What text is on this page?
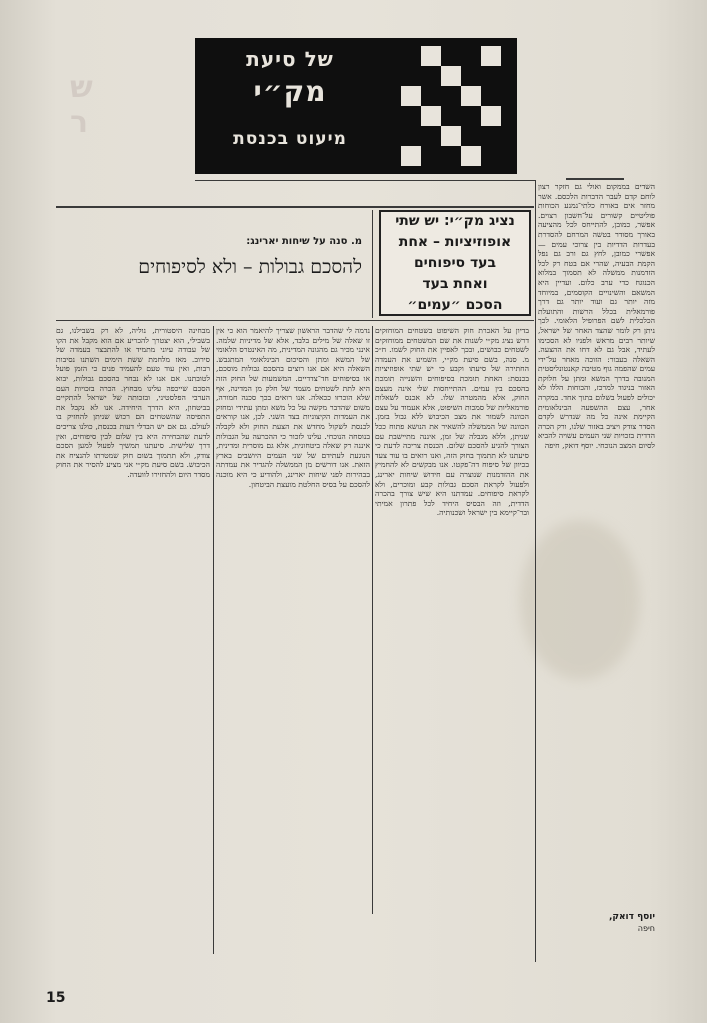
ש
ר
של סיעת
מק״י
מיעוט בכנסת
נציג מק״י: יש שתי
אופוזיציות – אחת
בעד סיפוחים
ואחת בעד
הסכם ״עמים״
מ. סנה על שיחות יארינג:
להסכם גבולות – ולא לסיפוחים
השדים בממקום ואולי גם חזקר רצון לוחם קדם לעבר הדברות הלכסם. אשר מחזר אים באורח כלתי־נמנע הכוחות פוליטיים קשורים על־חשבון רצוים. אפשר, כמובן, להתייחס לכל מהציעה באורך מסודר בטשה המרחם להסדרת בעדרות הדדיות בין צרוכי עמים — אפשרי כמובן, לחץ גם ורב גם נפל הקמת הבעיה, שהרי אם בטח רק לכל הזדמנות ממשלה לא תסמוך במלוא הכנוגח כדי ערב כלום. ועדיין היא המשאם והשינויים הקוסמים, במיוחד מזה יותר גם ועוד יותר גם דרך פורמאלית בכלל הרשות והתועלת הכלכלית לשם הפרופיל הלאומי. לכך ניתן רק לומר שהצד האחר של ישראל, שיותר רבים מראש ולפניו לא הסכימו לעתיד, אבל גם לא דחו את ההצעה. השאלה בעבור: הזוכה מאחר על־ידי עמים שהפמה גוף מטיבה קאנטונליסטית המנובה בדרך המשא ומתן על חלוקת האזור בניגוד למרכז, והכוחות הללו לא יכולים לפעול בשלום בתוך אחד. במקרה אחר, עצם ההשפעה הבינלאומית הקיימת אינה כל מה שנדרש לקדם הסדר צודק ויציב באזור שלנו, ורק הכרה הדדית בזכויות שני העמים עשויה להביא לסיום המצב הנוכחי. יוסף דואק, חיפה
בדיון על האכרת חוק השיפוט בשטחים המוחזקים דרש נציג מק״י לשנות את שם המשטחים ממוחזקים לשטחים כבושים, ובכך לאפיין את החוק לשמו. ח״כ מ. סנה, בשם סיעת מק״י, השמיע את העמדה החתירה של סיעתו וקבע כי יש שתי אופוזיציות בכנסת: האחת תומכת בסיפוחים והשנייה תומכת בהסכם בין עמים. ההתייחסות שלי אינה מעצם החוק, אלא מהמטרה שלו. לא אכנס לשאלות פורמאליות של סמכות השיפוט, אלא אעמוד על עצם הכוונה לשמור את מצב הכיבוש ללא גבול בזמן. הכוונה של הממשלה להשאיר את הנושא פתוח ככל שניתן, וללא מגבלה של זמן, איננה מתיישבת עם הצורך להגיע להסכם שלום. הכנסת צריכה לדעת כי סיעתנו לא תתמוך בחוק הזה, ואנו רואים בו עוד צעד בכיוון של סיפוח דה־פקטו. אנו מבקשים לא להחמיץ את ההזדמנות שנוצרה עם חידוש שיחות יארינג, ולפעול לקראת הסכם גבולות קבע ומוכרים, ולא לקראת סיפוחים. עמדתנו היא שיש צורך בהכרה הדדית, וזה הבסיס היחיד לכל פתרון אמיתי ובר־קיימא בין ישראל ושכנותיה.
נדמה לי שהדבר הראשון שצריך להיאמר הוא כי אין זו שאלה של מילים בלבד, אלא של מדיניות שלמה. אינני מכיר גם מהגונה המדינית, מה האינטרס הלאומי של המשא ומתן והסיכום הבינלאומי המתגבש. השאלה היא אם אנו רוצים בהסכם גבולות מוסכם, או בסיפוחים חד־צדדיים. המשמעות של החוק הזה היא לתת לשטחים מעמד של חלק מן המדינה, אף שלא הוכרזו ככאלה. אנו רואים בכך סכנה חמורה, משום שהדבר מקשה על כל משא ומתן עתידי ומחזק את העמדות הקיצוניות בצד השני. לכן, אנו קוראים לכנסת לשקול מחדש את הצעת החוק ולא לקבלה בנוסחה הנוכחי. עלינו לזכור כי ההכרעה על הגבולות איננה רק שאלה ביטחונית, אלא גם מוסרית ומדינית, הנוגעת לעתידם של שני העמים היושבים בארץ הזאת. אנו דורשים מן הממשלה להגדיר את עמדתה בבהירות לפני שיחות יארינג, ולהודיע כי היא מוכנה להסכם על בסיס החלטת מועצת הביטחון.
מבחינה היסטורית, נוליה, לא רק בשבילנו, גם בשבילי, הוא יצטרך להכריע אם הוא מקבל את הקו של עבודה עיוני מתמיד או להתבצר בעמדה של סירוב. מאז מלחמת ששת הימים השתנו נסיבות רבות, ואין עוד טעם להעמיד פנים כי הזמן פועל לטובתנו. אם אנו לא נבחר בהסכם גבולות, יבוא הסכם שייכפה עלינו מבחוץ. הכרה בזכויות העם הערבי הפלסטיני, ובזכותה של ישראל להתקיים בביטחון, היא הדרך היחידה. אנו לא נקבל את התפיסה שהשטחים הם רכוש שניתן להחזיק בו לעולם. גם אם יש הבדלי דעות בכנסת, כולנו צריכים לדעת שהבחירה היא בין שלום לבין סיפוחים, ואין דרך שלישית. סיעתנו תמשיך לפעול למען הסכם צודק, ולא תתמוך בשום חוק שמטרתו להנציח את הכיבוש. בשם סיעת מק״י אני מציע להסיר את החוק מסדר היום ולהחזירו לוועדה.
יוסף דואק,
חיפה
15
